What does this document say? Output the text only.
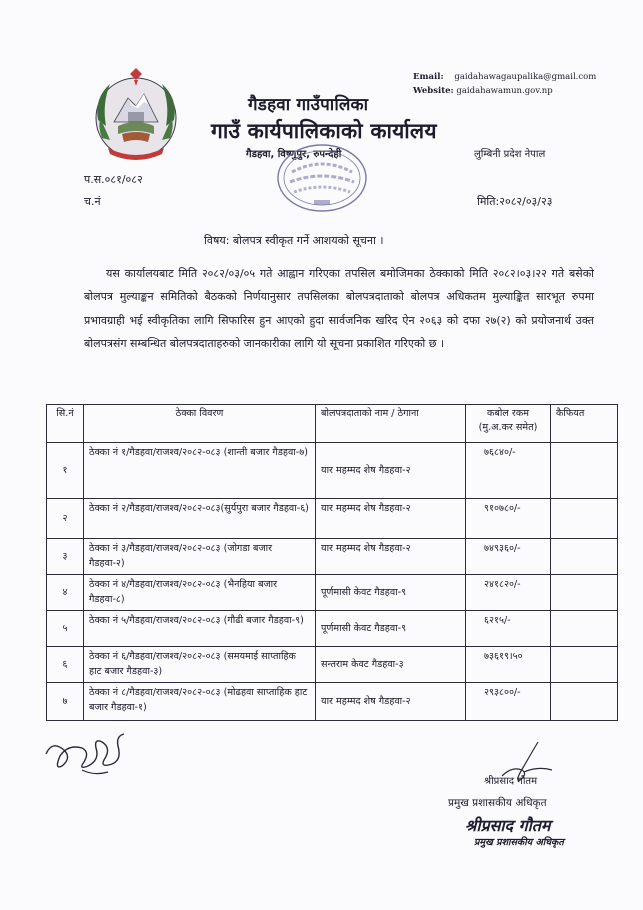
Email: gaidahawagaupalika@gmail.com
Website: gaidahawamun.gov.np
गैडहवा गाउँपालिका
गाउँ कार्यपालिकाको कार्यालय
गैडहवा, विष्णुपुर, रुपन्देही	लुम्बिनी प्रदेश नेपाल
प.स.०८१/०८२
च.नं	मिति:२०८२/०३/२३
विषय: बोलपत्र स्वीकृत गर्ने आशयको सूचना ।
यस कार्यालयबाट मिति २०८२/०३/०५ गते आह्वान गरिएका तपसिल बमोजिमका ठेक्काको मिति २०८२।०३।२२ गते बसेको बोलपत्र मुल्याङ्कन समितिको बैठकको निर्णयानुसार तपसिलका बोलपत्रदाताको बोलपत्र अधिकतम मुल्याङ्कित सारभूत रुपमा प्रभावग्राही भई स्वीकृतिका लागि सिफारिस हुन आएको हुदा सार्वजनिक खरिद ऐन २०६३ को दफा २७(२) को प्रयोजनार्थ उक्त बोलपत्रसंग सम्बन्धित बोलपत्रदाताहरुको जानकारीका लागि यो सूचना प्रकाशित गरिएको छ ।
सि.नं	ठेक्का विवरण	बोलपत्रदाताको नाम / ठेगाना	कबोल रकम (मु.अ.कर समेत)	कैफियत
१	ठेक्का नं १/गैडहवा/राजश्व/२०८२-०८३ (शान्ती बजार गैडहवा-७)	यार महम्मद शेष गैडहवा-२	७६८४०/-	
२	ठेक्का नं २/गैडहवा/राजश्व/२०८२-०८३(सुर्यपुरा बजार गैडहवा-६)	यार महम्मद शेष गैडहवा-२	९१०७८०/-	
३	ठेक्का नं ३/गैडहवा/राजश्व/२०८२-०८३ (जोगडा बजार गैडहवा-२)	यार महम्मद शेष गैडहवा-२	७४९३६०/-	
४	ठेक्का नं ४/गैडहवा/राजश्व/२०८२-०८३ (भैनहिया बजार गैडहवा-८)	पूर्णमासी केवट गैडहवा-९	२४१८२०/-	
५	ठेक्का नं ५/गैडहवा/राजश्व/२०८२-०८३ (गौढी बजार गैडहवा-९)	पूर्णमासी केवट गैडहवा-९	६२१५/-	
६	ठेक्का नं ६/गैडहवा/राजश्व/२०८२-०८३ (समयमाई साप्ताहिक हाट बजार गैडहवा-३)	सन्तराम केवट गैडहवा-३	७३६१९।५०	
७	ठेक्का नं ८/गैडहवा/राजश्व/२०८२-०८३ (मोढहवा साप्ताहिक हाट बजार गैडहवा-१)	यार महम्मद शेष गैडहवा-२	२९३८००/-	
श्रीप्रसाद गौतम
प्रमुख प्रशासकीय अधिकृत
श्रीप्रसाद गौतम
प्रमुख प्रशासकीय अधिकृत
